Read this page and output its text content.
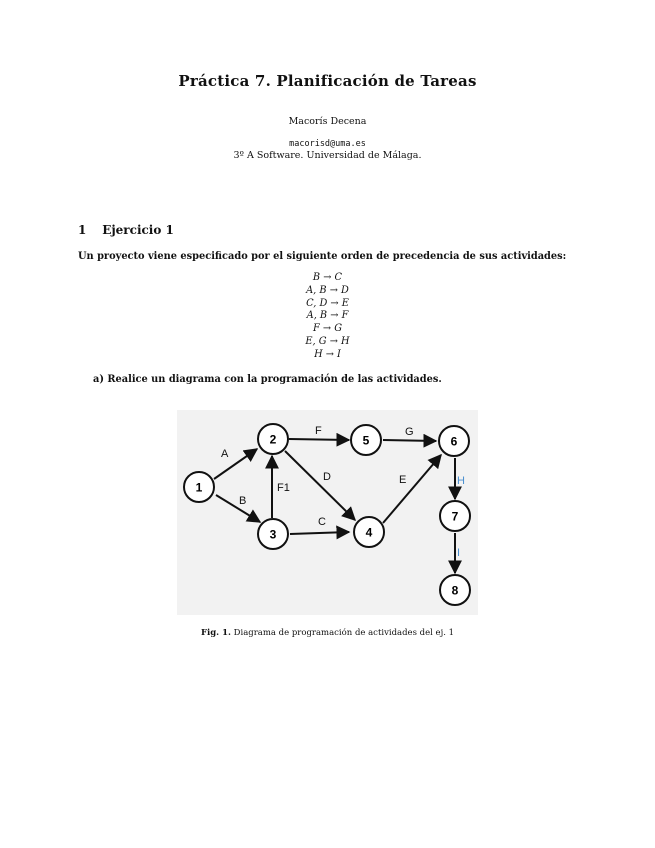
Práctica 7. Planificación de Tareas
Macorís Decena
macorisd@uma.es
3º A Software. Universidad de Málaga.
1 Ejercicio 1
Un proyecto viene especificado por el siguiente orden de precedencia de sus actividades:
B → C
A, B → D
C, D → E
A, B → F
F → G
E, G → H
H → I
a) Realice un diagrama con la programación de las actividades.
A
B
F1
F	G
D
C
E	H
I
1
2
3	4
5	6
7
8
Fig. 1. Diagrama de programación de actividades del ej. 1
